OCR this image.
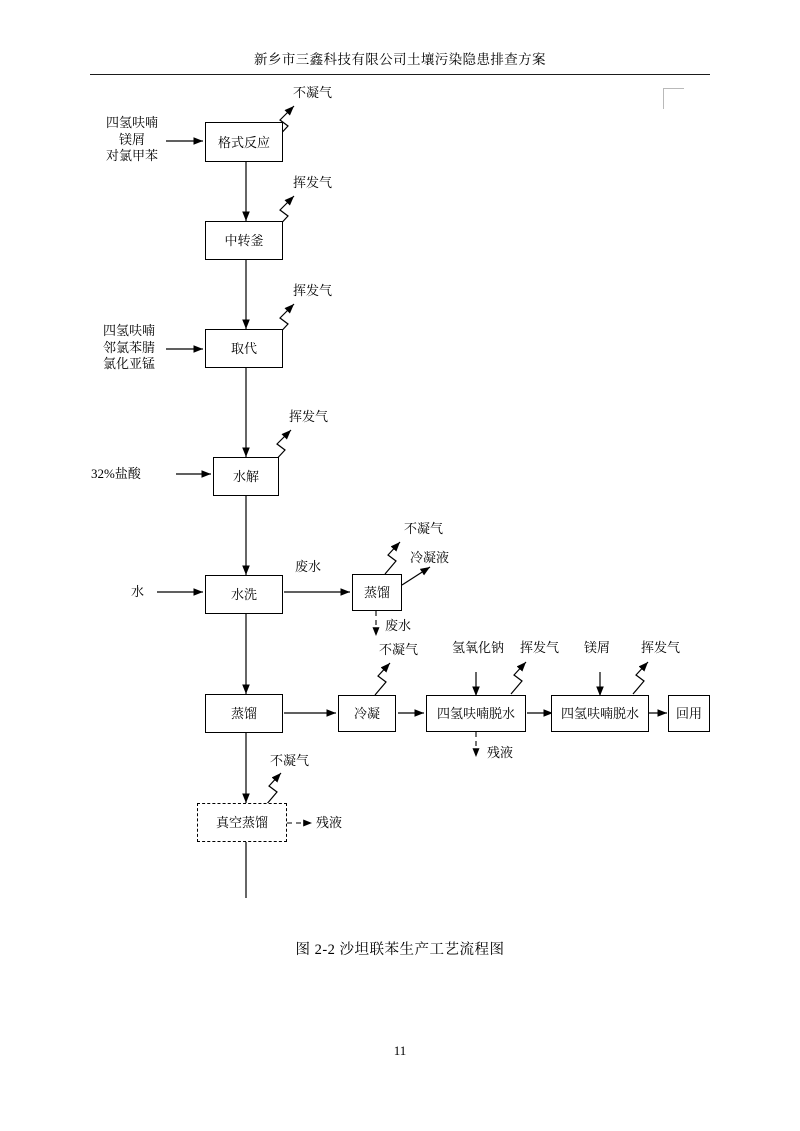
新乡市三鑫科技有限公司土壤污染隐患排查方案
格式反应
中转釜
取代
水解
水洗	蒸馏
蒸馏	冷凝	四氢呋喃脱水	四氢呋喃脱水	回用
真空蒸馏
四氢呋喃
镁屑
对氯甲苯
四氢呋喃
邻氯苯腈
氯化亚锰
32%盐酸
水
氢氧化钠	镁屑
不凝气
挥发气
挥发气
挥发气
废水
不凝气
冷凝液
废水
不凝气	挥发气
残液
挥发气
不凝气
残液
图 2-2 沙坦联苯生产工艺流程图
11
